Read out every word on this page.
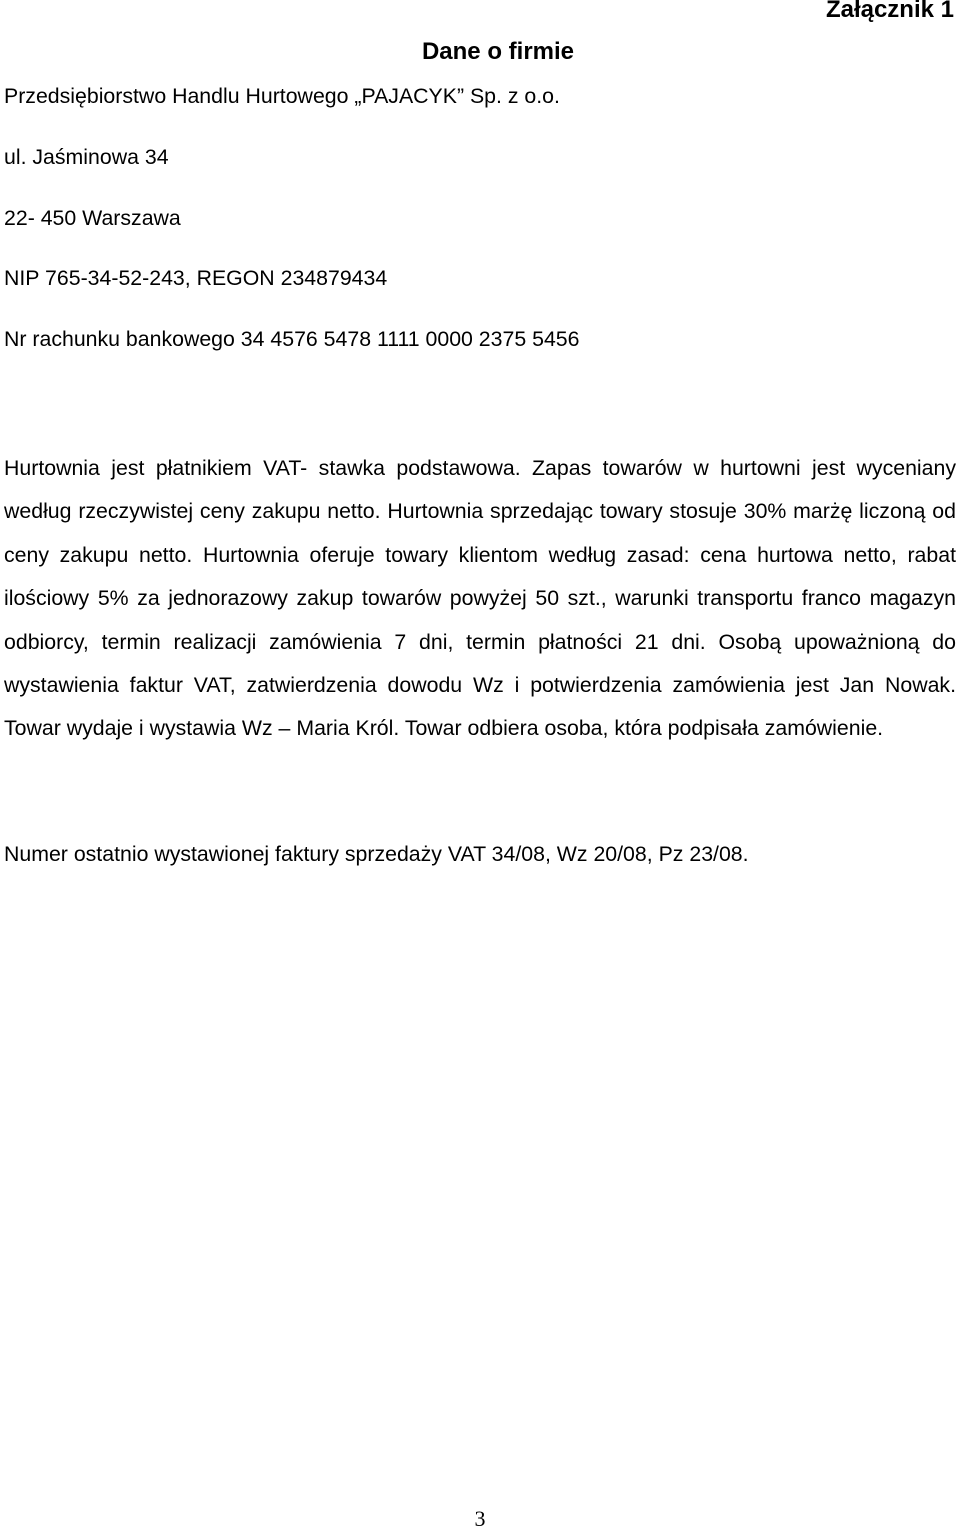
Załącznik 1
Dane o firmie
Przedsiębiorstwo Handlu Hurtowego „PAJACYK” Sp. z o.o.
ul. Jaśminowa 34
22- 450 Warszawa
NIP 765-34-52-243, REGON 234879434
Nr rachunku bankowego 34 4576 5478 1111 0000 2375 5456

Hurtownia jest płatnikiem VAT- stawka podstawowa. Zapas towarów w hurtowni jest wyceniany według rzeczywistej ceny zakupu netto. Hurtownia sprzedając towary stosuje 30% marżę liczoną od ceny zakupu netto. Hurtownia oferuje towary klientom według zasad: cena hurtowa netto, rabat ilościowy 5% za jednorazowy zakup towarów powyżej 50 szt., warunki transportu franco magazyn odbiorcy, termin realizacji zamówienia 7 dni, termin płatności 21 dni. Osobą upoważnioną do wystawienia faktur VAT, zatwierdzenia dowodu Wz i potwierdzenia zamówienia jest Jan Nowak. Towar wydaje i wystawia Wz – Maria Król. Towar odbiera osoba, która podpisała zamówienie.

Numer ostatnio wystawionej faktury sprzedaży VAT 34/08, Wz 20/08, Pz 23/08.
3
